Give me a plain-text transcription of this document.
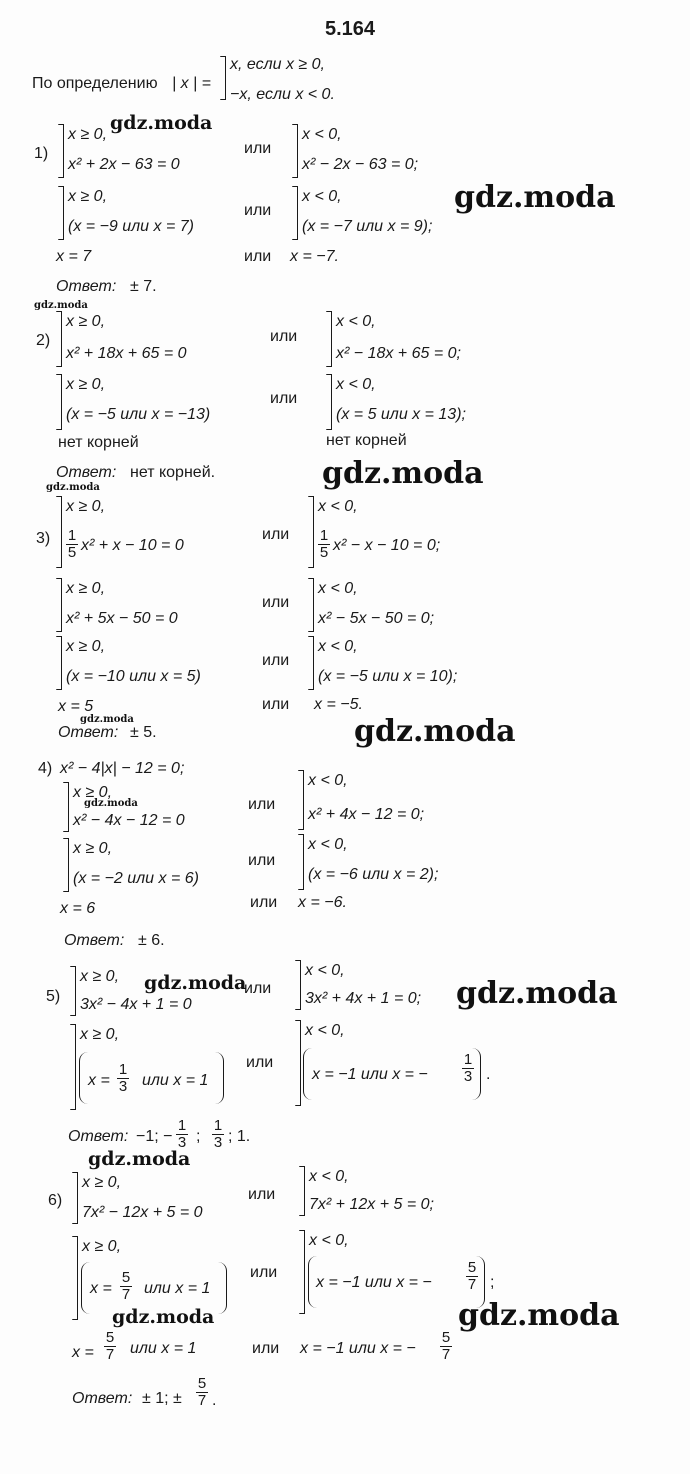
5.164
По определению | x | =
x, если x ≥ 0,
−x, если x < 0.
1)
x ≥ 0,
x² + 2x − 63 = 0
или
x < 0,
x² − 2x − 63 = 0;
x ≥ 0,
(x = −9 или x = 7)
или
x < 0,
(x = −7 или x = 9);
x = 7	или x = −7.
Ответ: ± 7.
2)
x ≥ 0,
x² + 18x + 65 = 0
или
x < 0,
x² − 18x + 65 = 0;
x ≥ 0,
(x = −5 или x = −13)
или
x < 0,
(x = 5 или x = 13);
нет корней	нет корней
Ответ: нет корней.
3)
x ≥ 0,
$\frac{1}{5} x^2 + x - 10 = 0$
или
x < 0,
$\frac{1}{5} x^2 - x - 10 = 0$;
x ≥ 0,
x² + 5x − 50 = 0
или
x < 0,
x² − 5x − 50 = 0;
x ≥ 0,
(x = −10 или x = 5)
или
x < 0,
(x = −5 или x = 10);
x = 5	или x = −5.
Ответ: ± 5.
4) x² − 4|x| − 12 = 0;
x ≥ 0,
x² − 4x − 12 = 0
или
x < 0,
x² + 4x − 12 = 0;
x ≥ 0,
(x = −2 или x = 6)
или
x < 0,
(x = −6 или x = 2);
x = 6	или x = −6.
Ответ: ± 6.
5)
x ≥ 0,
3x² − 4x + 1 = 0
или
x < 0,
3x² + 4x + 1 = 0;
x ≥ 0,
$x = \frac{1}{3}$ или x = 1
или
x < 0,
x = −1 или x = − $\frac{1}{3}$ .
Ответ: −1; − $\frac{1}{3}$ ; $\frac{1}{3}$ ; 1.
6)
x ≥ 0,
7x² − 12x + 5 = 0
или
x < 0,
7x² + 12x + 5 = 0;
x ≥ 0,
$x = \frac{5}{7}$ или x = 1
или
x < 0,
x = −1 или x = − $\frac{5}{7}$ ;
$x = \frac{5}{7}$ или x = 1	или x = −1 или x = − $\frac{5}{7}$
Ответ: ± 1; ± $\frac{5}{7}$ .
gdz.moda
gdz.moda
gdz.moda
gdz.moda
gdz.moda
gdz.moda	gdz.moda
gdz.moda
gdz.moda	gdz.moda
gdz.moda
gdz.moda	gdz.moda
